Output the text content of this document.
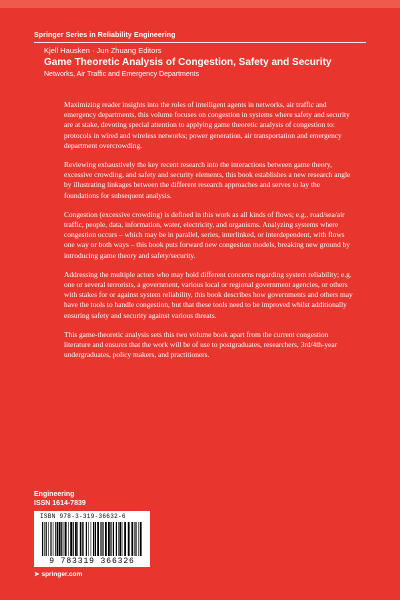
Springer Series in Reliability Engineering
Kjell Hausken · Jun Zhuang Editors
Game Theoretic Analysis of Congestion, Safety and Security
Networks, Air Traffic and Emergency Departments

Maximizing reader insights into the roles of intelligent agents in networks, air traffic and emergency departments, this volume focuses on congestion in systems where safety and security are at stake, devoting special attention to applying game theoretic analysis of congestion to: protocols in wired and wireless networks; power generation, air transportation and emergency department overcrowding.

Reviewing exhaustively the key recent research into the interactions between game theory, excessive crowding, and safety and security elements, this book establishes a new research angle by illustrating linkages between the different research approaches and serves to lay the foundations for subsequent analysis.

Congestion (excessive crowding) is defined in this work as all kinds of flows; e.g., road/sea/air traffic, people, data, information, water, electricity, and organisms. Analyzing systems where congestion occurs – which may be in parallel, series, interlinked, or interdependent, with flows one way or both ways – this book puts forward new congestion models, breaking new ground by introducing game theory and safety/security.

Addressing the multiple actors who may hold different concerns regarding system reliability; e.g. one or several terrorists, a government, various local or regional government agencies, or others with stakes for or against system reliability, this book describes how governments and others may have the tools to handle congestion, but that these tools need to be improved whilst additionally ensuring safety and security against various threats.

This game-theoretic analysis sets this two volume book apart from the current congestion literature and ensures that the work will be of use to postgraduates, researchers, 3rd/4th-year undergraduates, policy makers, and practitioners.

Engineering
ISSN 1614-7839
ISBN 978-3-319-36632-6
9 783319 366326
➤ springer.com
